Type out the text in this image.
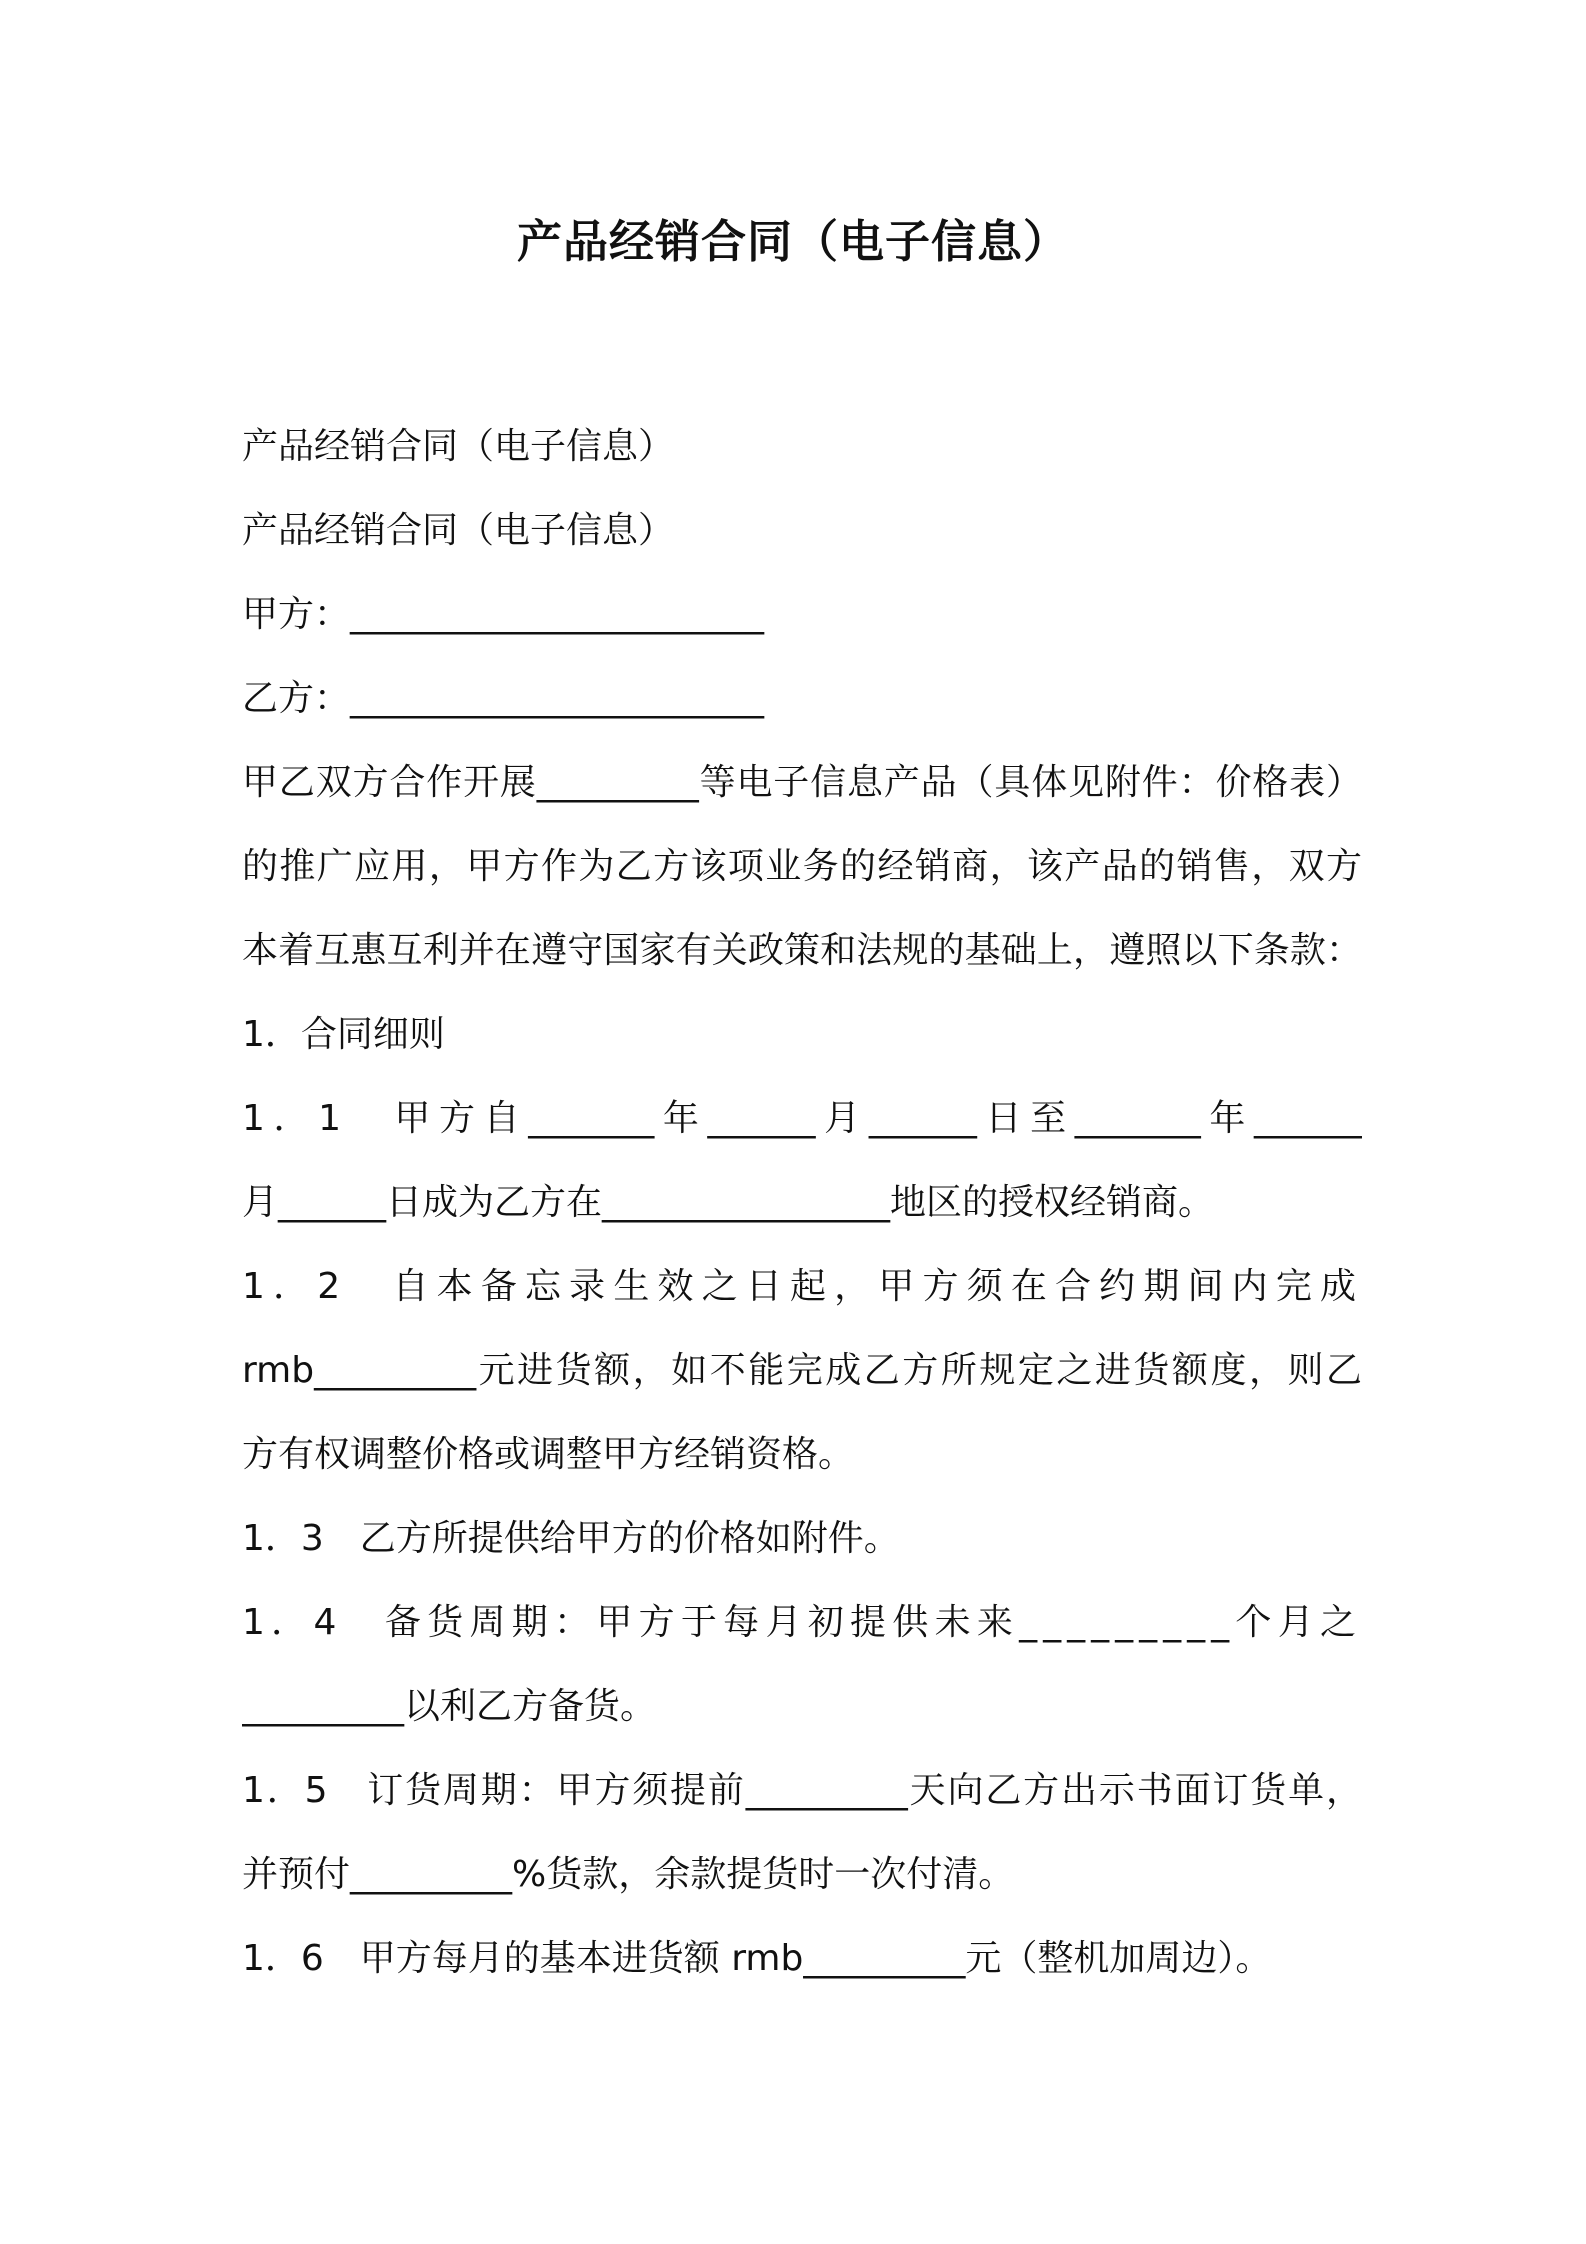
产品经销合同（电子信息）
产品经销合同（电子信息）
产品经销合同（电子信息）
甲方：_______________________
乙方：_______________________
甲乙双方合作开展_________等电子信息产品（具体见附件：价格表）
的推广应用，甲方作为乙方该项业务的经销商，该产品的销售，双方
本着互惠互利并在遵守国家有关政策和法规的基础上，遵照以下条款：
1．合同细则
1．1　甲方自_______年______月______日至_______年______
月______日成为乙方在________________地区的授权经销商。
1．2　自本备忘录生效之日起，甲方须在合约期间内完成
rmb_________元进货额，如不能完成乙方所规定之进货额度，则乙
方有权调整价格或调整甲方经销资格。
1．3　乙方所提供给甲方的价格如附件。
1．4　备货周期：甲方于每月初提供未来_________个月之
_________以利乙方备货。
1．5　订货周期：甲方须提前_________天向乙方出示书面订货单，
并预付_________%货款，余款提货时一次付清。
1．6　甲方每月的基本进货额 rmb_________元（整机加周边）。
